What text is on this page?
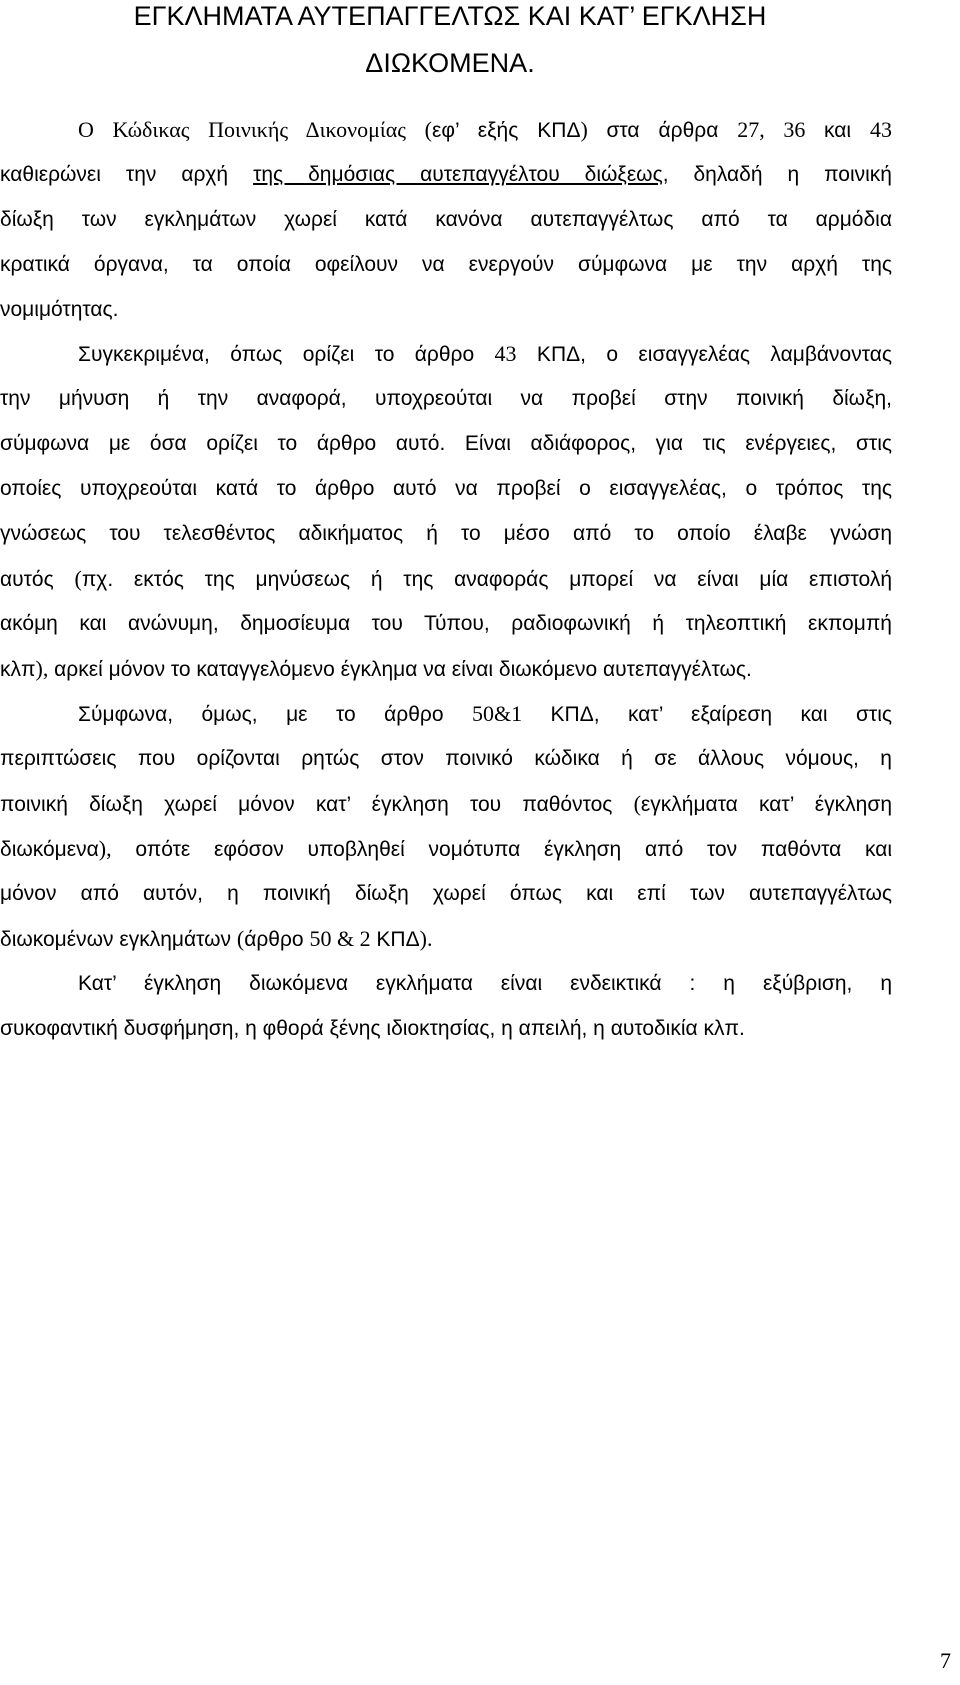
ΕΓΚΛΗΜΑΤΑ ΑΥΤΕΠΑΓΓΕΛΤΩΣ ΚΑΙ ΚΑΤ’ ΕΓΚΛΗΣΗ
ΔΙΩΚΟΜΕΝΑ.
Ο Κώδικας Ποινικής Δικονομίας (εφ’ εξής ΚΠΔ) στα άρθρα 27, 36 και 43
καθιερώνει την αρχή της δημόσιας αυτεπαγγέλτου διώξεως, δηλαδή η ποινική
δίωξη των εγκλημάτων χωρεί κατά κανόνα αυτεπαγγέλτως από τα αρμόδια
κρατικά όργανα, τα οποία οφείλουν να ενεργούν σύμφωνα με την αρχή της
νομιμότητας.
Συγκεκριμένα, όπως ορίζει το άρθρο 43 ΚΠΔ, ο εισαγγελέας λαμβάνοντας
την μήνυση ή την αναφορά, υποχρεούται να προβεί στην ποινική δίωξη,
σύμφωνα με όσα ορίζει το άρθρο αυτό. Είναι αδιάφορος, για τις ενέργειες, στις
οποίες υποχρεούται κατά το άρθρο αυτό να προβεί ο εισαγγελέας, ο τρόπος της
γνώσεως του τελεσθέντος αδικήματος ή το μέσο από το οποίο έλαβε γνώση
αυτός (πχ. εκτός της μηνύσεως ή της αναφοράς μπορεί να είναι μία επιστολή
ακόμη και ανώνυμη, δημοσίευμα του Τύπου, ραδιοφωνική ή τηλεοπτική εκπομπή
κλπ), αρκεί μόνον το καταγγελόμενο έγκλημα να είναι διωκόμενο αυτεπαγγέλτως.
Σύμφωνα, όμως, με το άρθρο 50&1 ΚΠΔ, κατ’ εξαίρεση και στις
περιπτώσεις που ορίζονται ρητώς στον ποινικό κώδικα ή σε άλλους νόμους, η
ποινική δίωξη χωρεί μόνον κατ’ έγκληση του παθόντος (εγκλήματα κατ’ έγκληση
διωκόμενα), οπότε εφόσον υποβληθεί νομότυπα έγκληση από τον παθόντα και
μόνον από αυτόν, η ποινική δίωξη χωρεί όπως και επί των αυτεπαγγέλτως
διωκομένων εγκλημάτων (άρθρο 50 & 2 ΚΠΔ).
Κατ’ έγκληση διωκόμενα εγκλήματα είναι ενδεικτικά : η εξύβριση, η
συκοφαντική δυσφήμηση, η φθορά ξένης ιδιοκτησίας, η απειλή, η αυτοδικία κλπ.
7
